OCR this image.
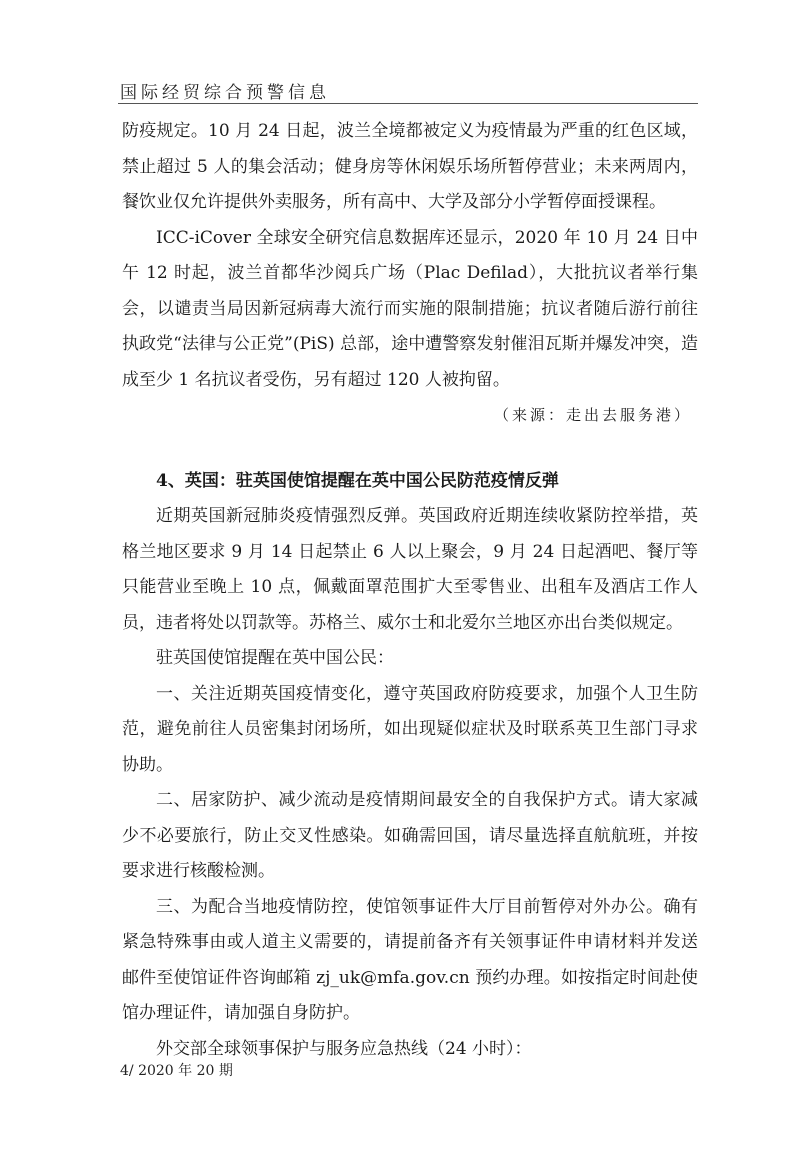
国际经贸综合预警信息

防疫规定。10 月 24 日起，波兰全境都被定义为疫情最为严重的红色区域，禁止超过 5 人的集会活动；健身房等休闲娱乐场所暂停营业；未来两周内，餐饮业仅允许提供外卖服务，所有高中、大学及部分小学暂停面授课程。

ICC-iCover 全球安全研究信息数据库还显示，2020 年 10 月 24 日中午 12 时起，波兰首都华沙阅兵广场（Plac Defilad），大批抗议者举行集会，以谴责当局因新冠病毒大流行而实施的限制措施；抗议者随后游行前往执政党“法律与公正党”(PiS) 总部，途中遭警察发射催泪瓦斯并爆发冲突，造成至少 1 名抗议者受伤，另有超过 120 人被拘留。

（来源：走出去服务港）

4、英国：驻英国使馆提醒在英中国公民防范疫情反弹

近期英国新冠肺炎疫情强烈反弹。英国政府近期连续收紧防控举措，英格兰地区要求 9 月 14 日起禁止 6 人以上聚会，9 月 24 日起酒吧、餐厅等只能营业至晚上 10 点，佩戴面罩范围扩大至零售业、出租车及酒店工作人员，违者将处以罚款等。苏格兰、威尔士和北爱尔兰地区亦出台类似规定。

驻英国使馆提醒在英中国公民：

一、关注近期英国疫情变化，遵守英国政府防疫要求，加强个人卫生防范，避免前往人员密集封闭场所，如出现疑似症状及时联系英卫生部门寻求协助。

二、居家防护、减少流动是疫情期间最安全的自我保护方式。请大家减少不必要旅行，防止交叉性感染。如确需回国，请尽量选择直航航班，并按要求进行核酸检测。

三、为配合当地疫情防控，使馆领事证件大厅目前暂停对外办公。确有紧急特殊事由或人道主义需要的，请提前备齐有关领事证件申请材料并发送邮件至使馆证件咨询邮箱 zj_uk@mfa.gov.cn 预约办理。如按指定时间赴使馆办理证件，请加强自身防护。

外交部全球领事保护与服务应急热线（24 小时）：

4/ 2020 年 20 期
